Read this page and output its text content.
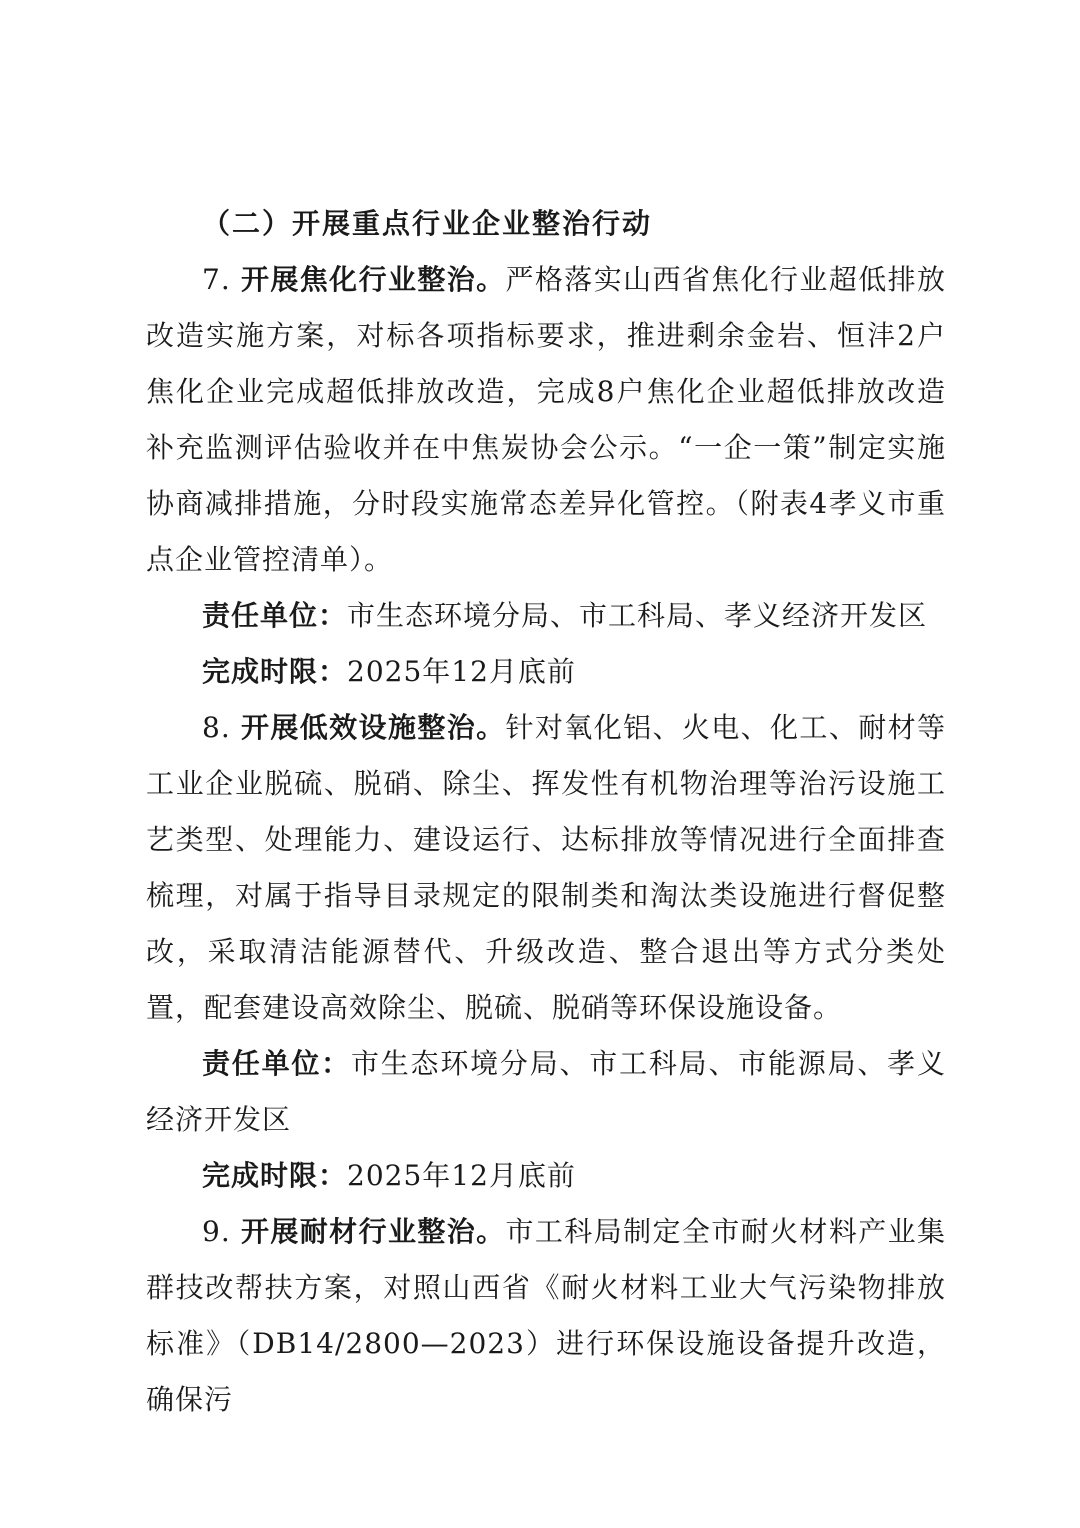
（二）开展重点行业企业整治行动

7. 开展焦化行业整治。严格落实山西省焦化行业超低排放改造实施方案，对标各项指标要求，推进剩余金岩、恒沣2户焦化企业完成超低排放改造，完成8户焦化企业超低排放改造补充监测评估验收并在中焦炭协会公示。“一企一策”制定实施协商减排措施，分时段实施常态差异化管控。（附表4孝义市重点企业管控清单）。

责任单位：市生态环境分局、市工科局、孝义经济开发区

完成时限：2025年12月底前

8. 开展低效设施整治。针对氧化铝、火电、化工、耐材等工业企业脱硫、脱硝、除尘、挥发性有机物治理等治污设施工艺类型、处理能力、建设运行、达标排放等情况进行全面排查梳理，对属于指导目录规定的限制类和淘汰类设施进行督促整改，采取清洁能源替代、升级改造、整合退出等方式分类处置，配套建设高效除尘、脱硫、脱硝等环保设施设备。

责任单位：市生态环境分局、市工科局、市能源局、孝义经济开发区

完成时限：2025年12月底前

9. 开展耐材行业整治。市工科局制定全市耐火材料产业集群技改帮扶方案，对照山西省《耐火材料工业大气污染物排放标准》（DB14/2800—2023）进行环保设施设备提升改造，确保污
